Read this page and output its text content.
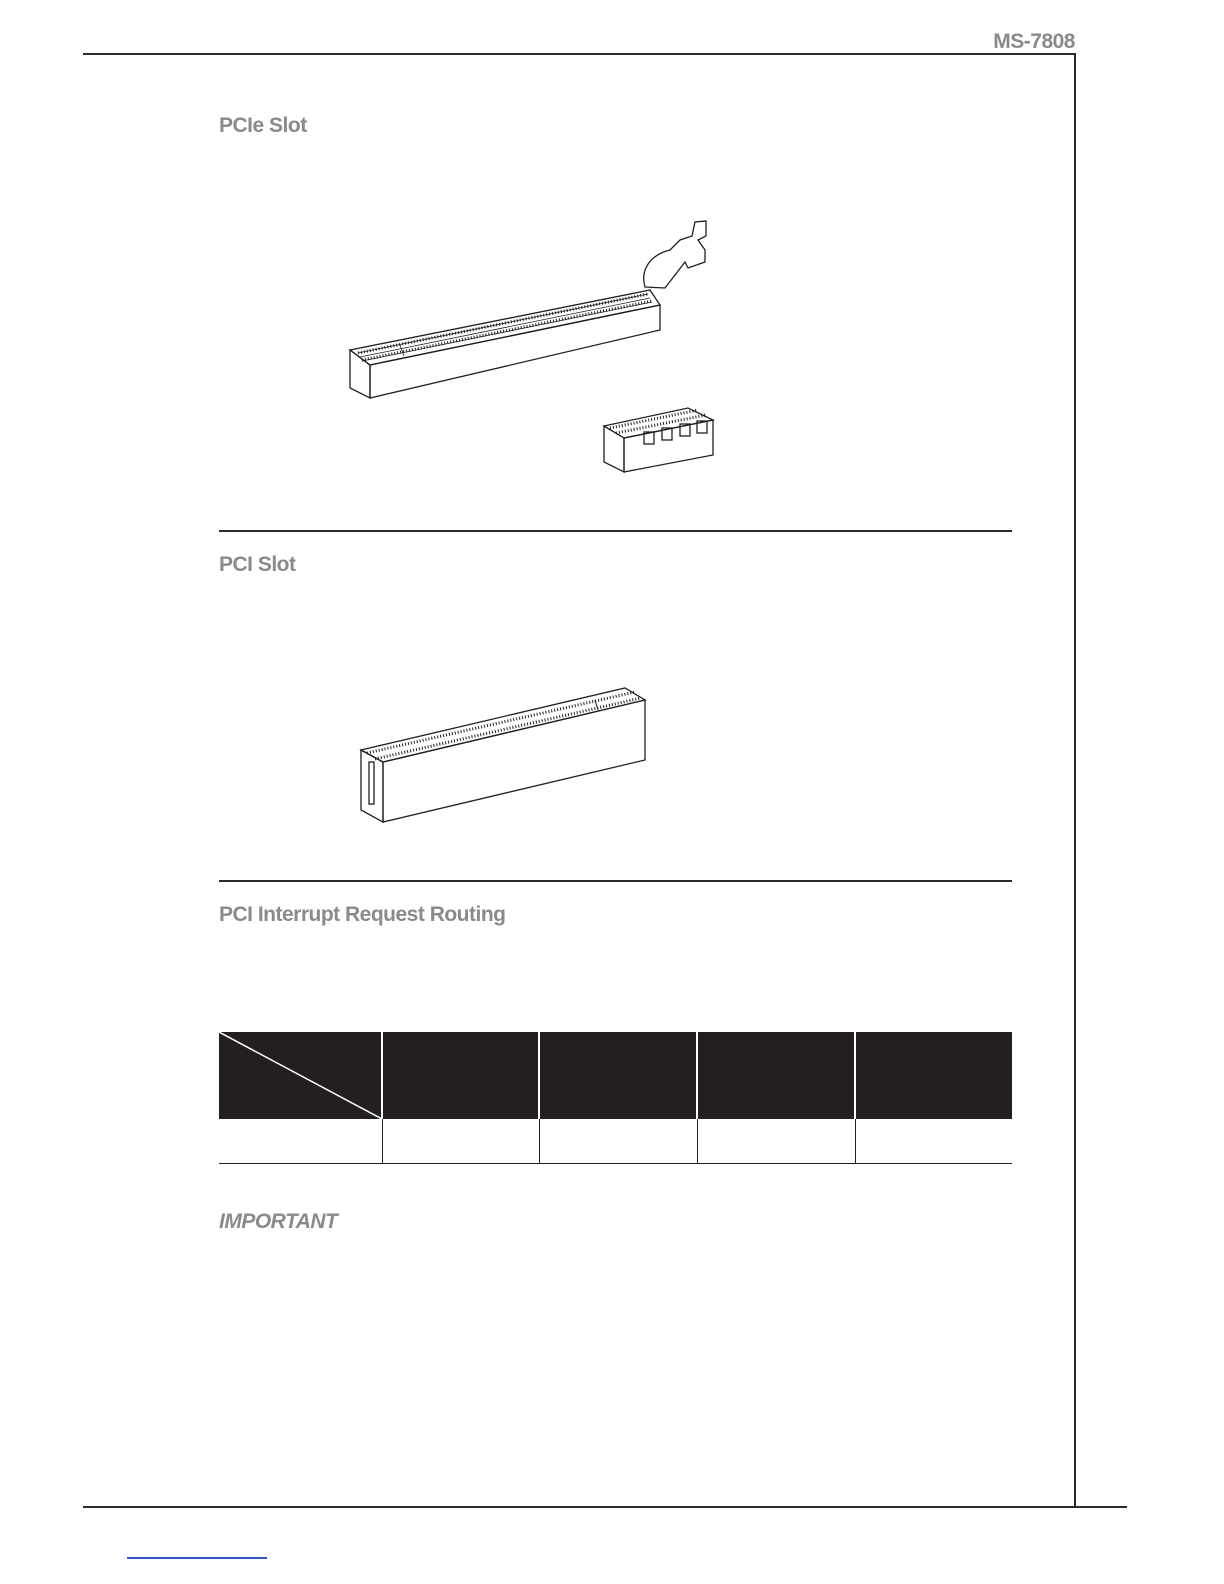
MS-7808
PCIe Slot
PCI Slot
PCI Interrupt Request Routing

IMPORTANT
